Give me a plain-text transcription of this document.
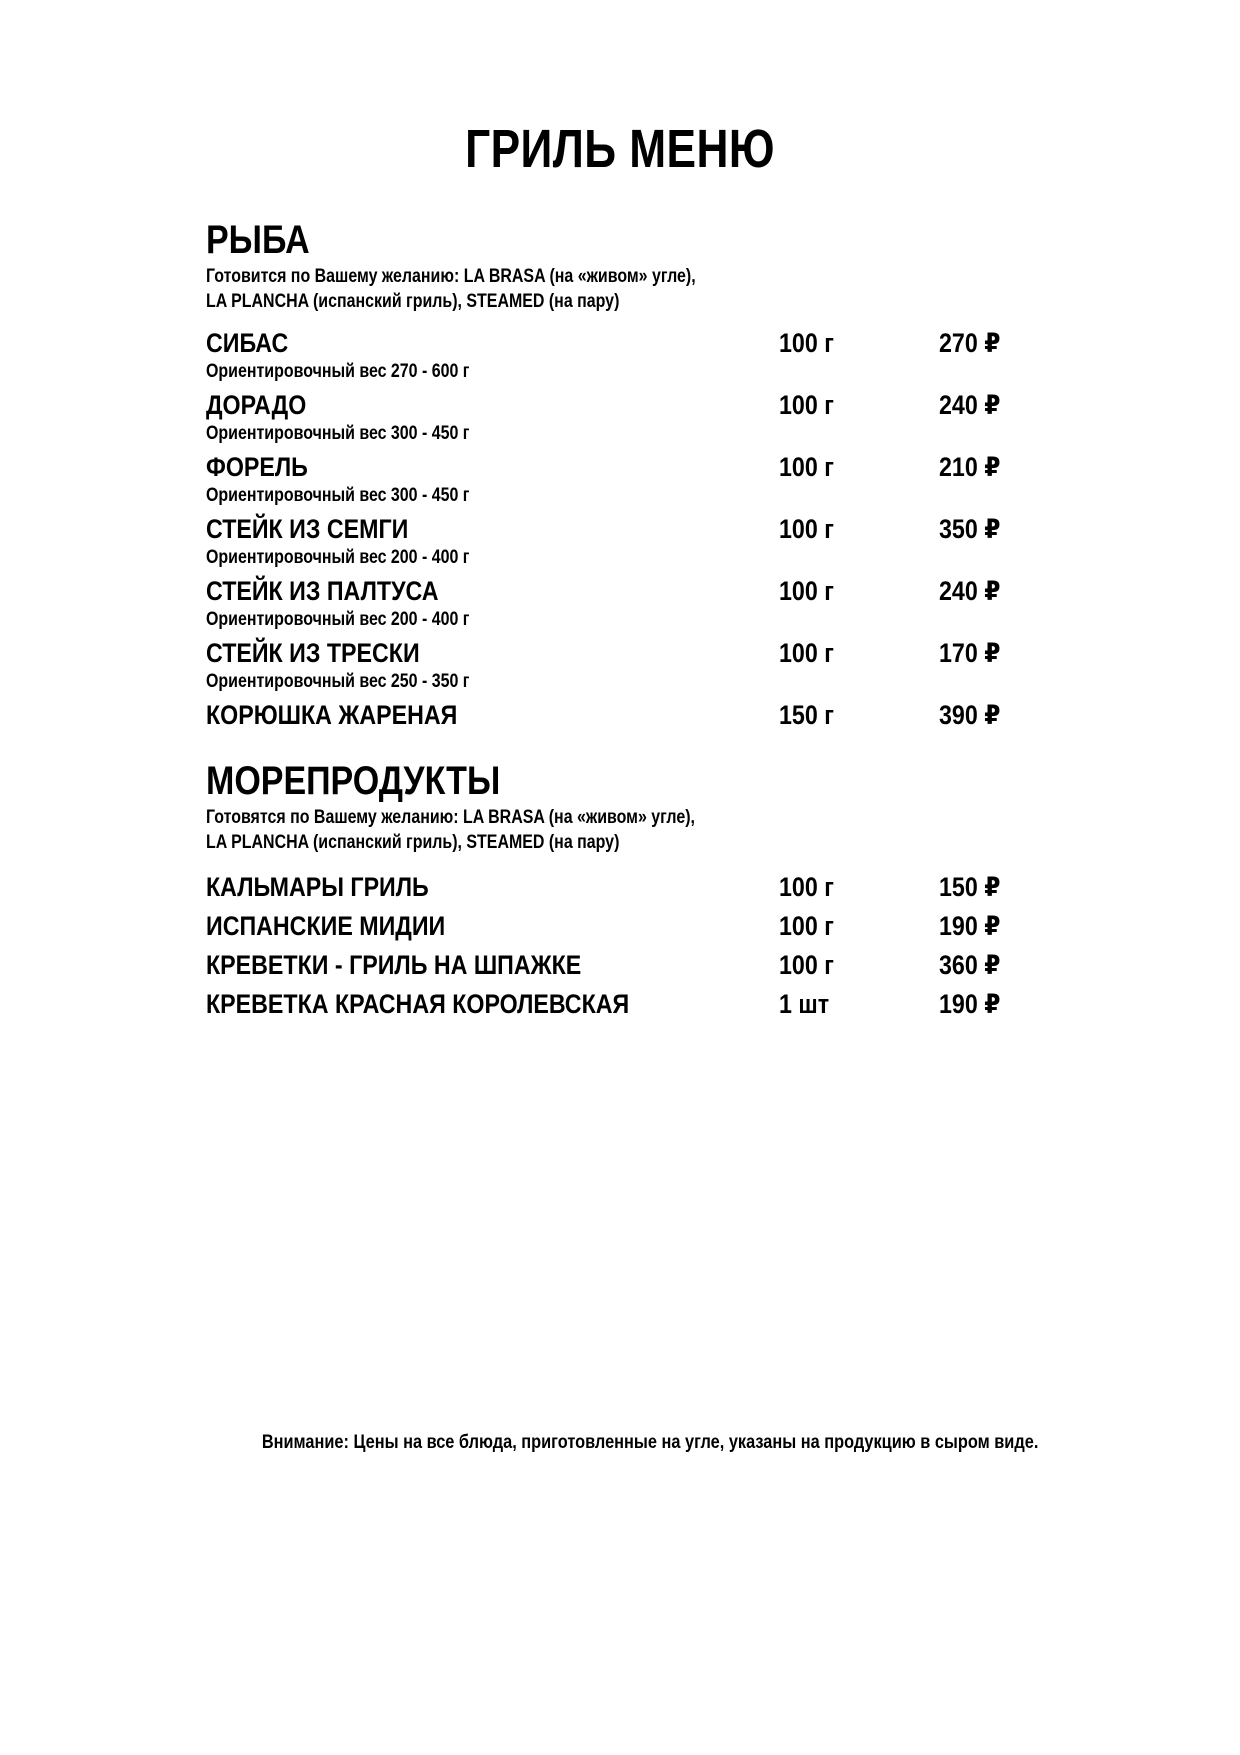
ГРИЛЬ МЕНЮ
РЫБА
Готовится по Вашему желанию: LA BRASA (на «живом» угле),
LA PLANCHA (испанский гриль), STEAMED (на пару)
СИБАС	100 г	270 ₽
Ориентировочный вес 270 - 600 г
ДОРАДО	100 г	240 ₽
Ориентировочный вес 300 - 450 г
ФОРЕЛЬ	100 г	210 ₽
Ориентировочный вес 300 - 450 г
СТЕЙК ИЗ СЕМГИ	100 г	350 ₽
Ориентировочный вес 200 - 400 г
СТЕЙК ИЗ ПАЛТУСА	100 г	240 ₽
Ориентировочный вес 200 - 400 г
СТЕЙК ИЗ ТРЕСКИ	100 г	170 ₽
Ориентировочный вес 250 - 350 г
КОРЮШКА ЖАРЕНАЯ	150 г	390 ₽
МОРЕПРОДУКТЫ
Готовятся по Вашему желанию: LA BRASA (на «живом» угле),
LA PLANCHA (испанский гриль), STEAMED (на пару)
КАЛЬМАРЫ ГРИЛЬ	100 г	150 ₽
ИСПАНСКИЕ МИДИИ	100 г	190 ₽
КРЕВЕТКИ - ГРИЛЬ НА ШПАЖКЕ	100 г	360 ₽
КРЕВЕТКА КРАСНАЯ КОРОЛЕВСКАЯ	1 шт	190 ₽
Внимание: Цены на все блюда, приготовленные на угле, указаны на продукцию в сыром виде.
